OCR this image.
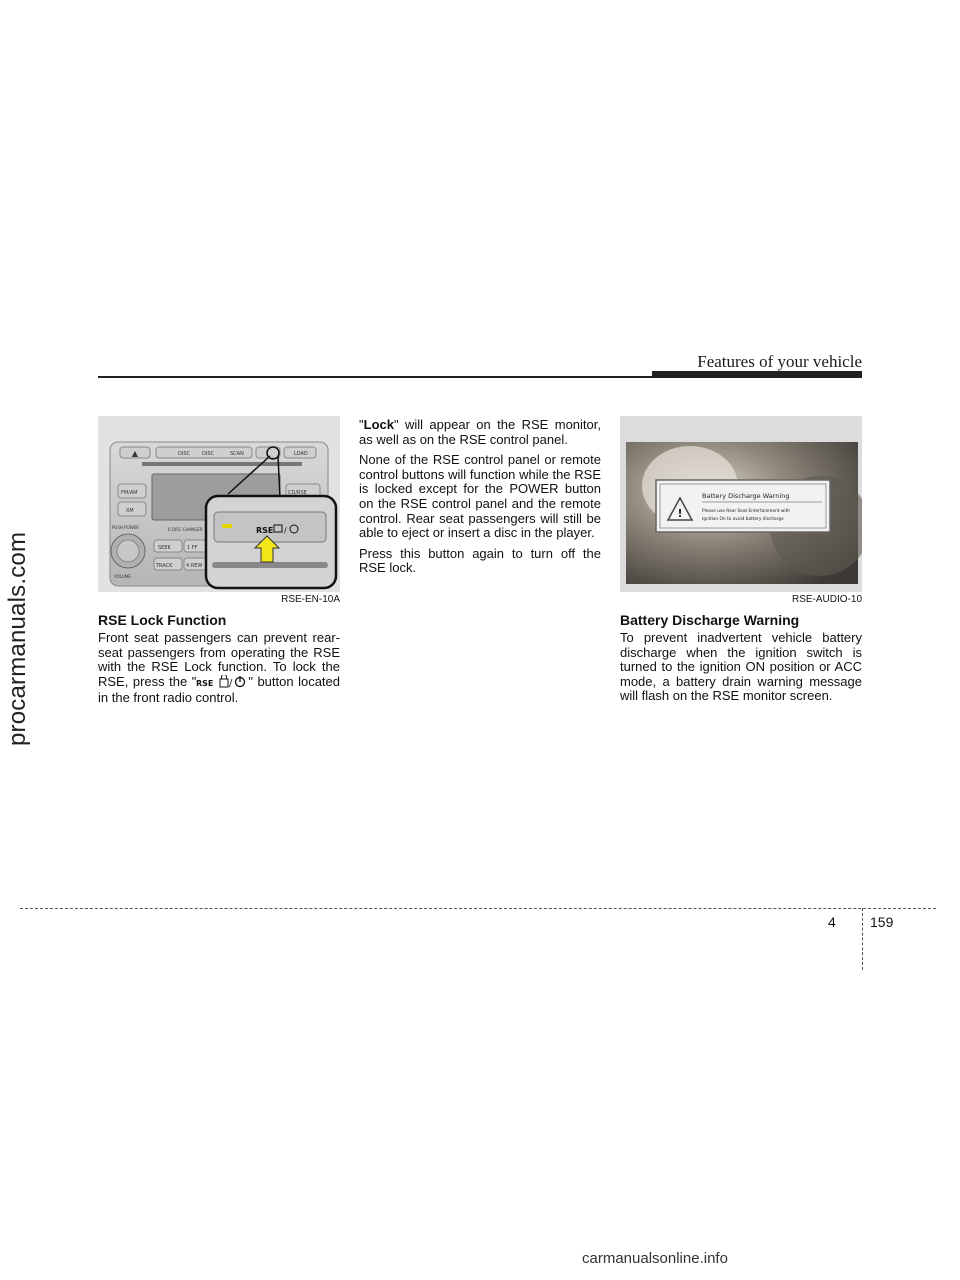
Features of your vehicle
procarmanuals.com
▲	DISC DISC	SCAN	LOAD
FM/AM
XM
CD/RSE
PUSH POWER
VOLUME
6 DISC CHANGER
SEEK	1 FF
TRACK	4 REW
RSE /
RSE-EN-10A
!
Battery Discharge Warning
Please use Rear Seat Entertainment with
Ignition On to avoid battery discharge
RSE-AUDIO-10
RSE Lock Function
Front seat passengers can prevent rear-seat passengers from operating the RSE with the RSE Lock function. To lock the RSE, press the " RSE / " button located in the front radio control.

"Lock" will appear on the RSE monitor, as well as on the RSE control panel.

None of the RSE control panel or remote control buttons will function while the RSE is locked except for the POWER button on the RSE control panel and the remote control. Rear seat passengers will still be able to eject or insert a disc in the player.

Press this button again to turn off the RSE lock.

Battery Discharge Warning
To prevent inadvertent vehicle battery discharge when the ignition switch is turned to the ignition ON position or ACC mode, a battery drain warning message will flash on the RSE monitor screen.
4 159
carmanualsonline.info
